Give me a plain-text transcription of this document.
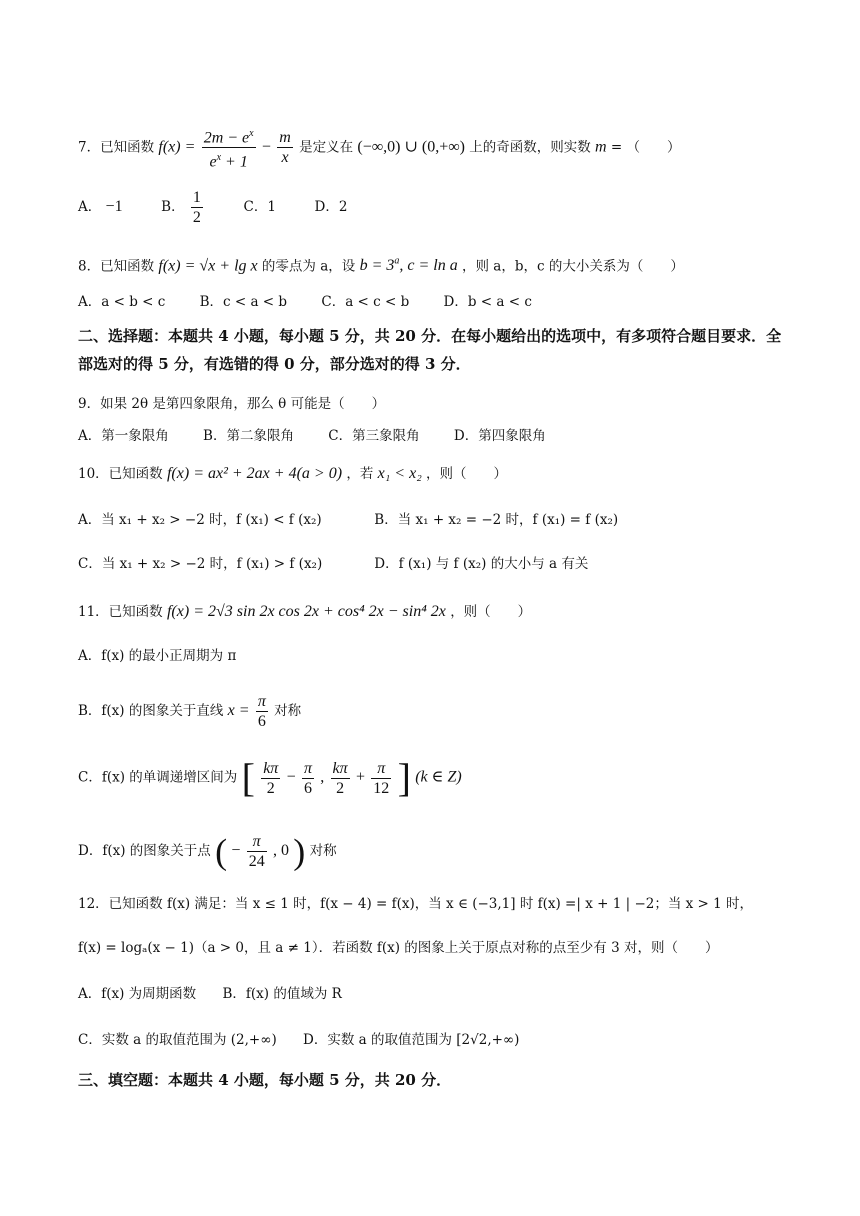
7．已知函数 $f(x) = \frac{2m - e^x}{e^x + 1} - \frac{m}{x}$ 是定义在 (−∞,0) ∪ (0,+∞) 上的奇函数，则实数 m = （　　）
A． −1	B． $\frac{1}{2}$	C．1	D．2
8．已知函数 f(x) = √x + lg x 的零点为 a，设 $b = 3^a$, c = ln a ，则 a，b，c 的大小关系为（　　）
A．a < b < c	B．c < a < b	C．a < c < b	D．b < a < c
二、选择题：本题共 4 小题，每小题 5 分，共 20 分．在每小题给出的选项中，有多项符合题目要求．全部选对的得 5 分，有选错的得 0 分，部分选对的得 3 分．
9．如果 2θ 是第四象限角，那么 θ 可能是（　　）
A．第一象限角	B．第二象限角	C．第三象限角	D．第四象限角
10．已知函数 f(x) = ax² + 2ax + 4(a > 0) ，若 x₁ < x₂ ，则（　　）
A．当 x₁ + x₂ > −2 时，f (x₁) < f (x₂)	B．当 x₁ + x₂ = −2 时，f (x₁) = f (x₂)
C．当 x₁ + x₂ > −2 时，f (x₁) > f (x₂)	D．f (x₁) 与 f (x₂) 的大小与 a 有关
11．已知函数 f(x) = 2√3 sin 2x cos 2x + cos⁴ 2x − sin⁴ 2x ，则（　　）
A．f(x) 的最小正周期为 π
B．f(x) 的图象关于直线 $x = \frac{\pi}{6}$ 对称
C．f(x) 的单调递增区间为 [ $\frac{k\pi}{2} - \frac{\pi}{6}$ , $\frac{k\pi}{2} + \frac{\pi}{12}$ ] (k ∈ Z)
D．f(x) 的图象关于点 ( − $\frac{\pi}{24}$ , 0 ) 对称
12．已知函数 f(x) 满足：当 x ≤ 1 时，f(x − 4) = f(x)，当 x ∈ (−3,1] 时 f(x) =| x + 1 | −2；当 x > 1 时，
f(x) = logₐ(x − 1)（a > 0，且 a ≠ 1）．若函数 f(x) 的图象上关于原点对称的点至少有 3 对，则（　　）
A．f(x) 为周期函数 B．f(x) 的值域为 R
C．实数 a 的取值范围为 (2,+∞) D．实数 a 的取值范围为 [2√2,+∞)
三、填空题：本题共 4 小题，每小题 5 分，共 20 分．
